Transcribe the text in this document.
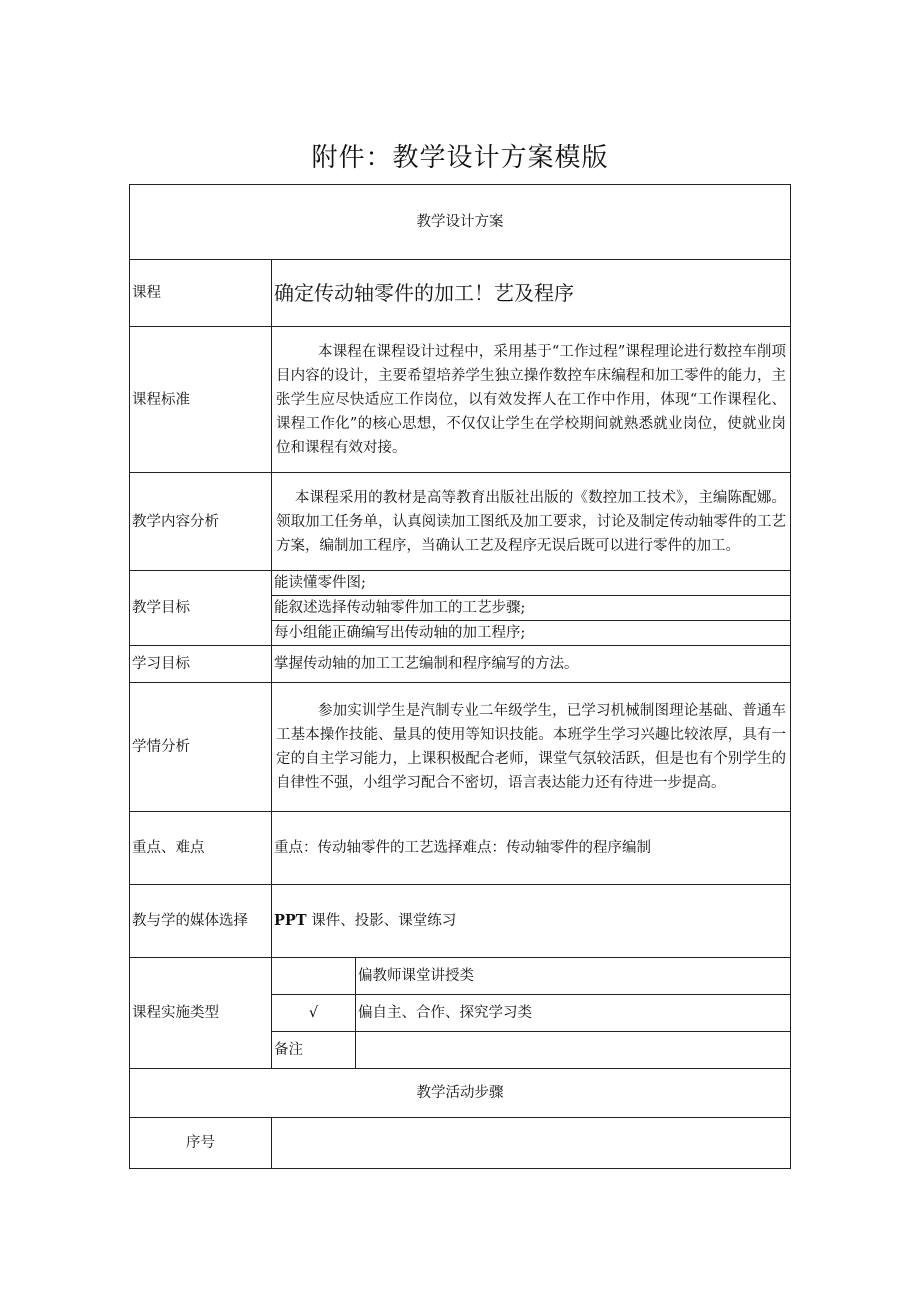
附件：教学设计方案模版
教学设计方案		
课程	确定传动轴零件的加工！艺及程序	
课程标准	本课程在课程设计过程中，采用基于“工作过程”课程理论进行数控车削项目内容的设计，主要希望培养学生独立操作数控车床编程和加工零件的能力，主张学生应尽快适应工作岗位，以有效发挥人在工作中作用，体现“工作课程化、课程工作化”的核心思想，不仅仅让学生在学校期间就熟悉就业岗位，使就业岗位和课程有效对接。	

教学内容分析	本课程采用的教材是高等教育出版社出版的《数控加工技术》，主编陈配娜。领取加工任务单，认真阅读加工图纸及加工要求，讨论及制定传动轴零件的工艺方案，编制加工程序，当确认工艺及程序无误后既可以进行零件的加工。	

教学目标	能读懂零件图;	
	能叙述选择传动轴零件加工的工艺步骤;	
	每小组能正确编写出传动轴的加工程序;	
学习目标	掌握传动轴的加工工艺编制和程序编写的方法。	
学情分析	参加实训学生是汽制专业二年级学生，已学习机械制图理论基础、普通车工基本操作技能、量具的使用等知识技能。本班学生学习兴趣比较浓厚，具有一定的自主学习能力，上课积极配合老师，课堂气氛较活跃，但是也有个别学生的自律性不强，小组学习配合不密切，语言表达能力还有待进一步提高。	

重点、难点	重点：传动轴零件的工艺选择难点：传动轴零件的程序编制	
教与学的媒体选择	PPT 课件、投影、课堂练习	
课程实施类型		偏教师课堂讲授类
	√	偏自主、合作、探究学习类
	备注	
教学活动步骤		
序号		
